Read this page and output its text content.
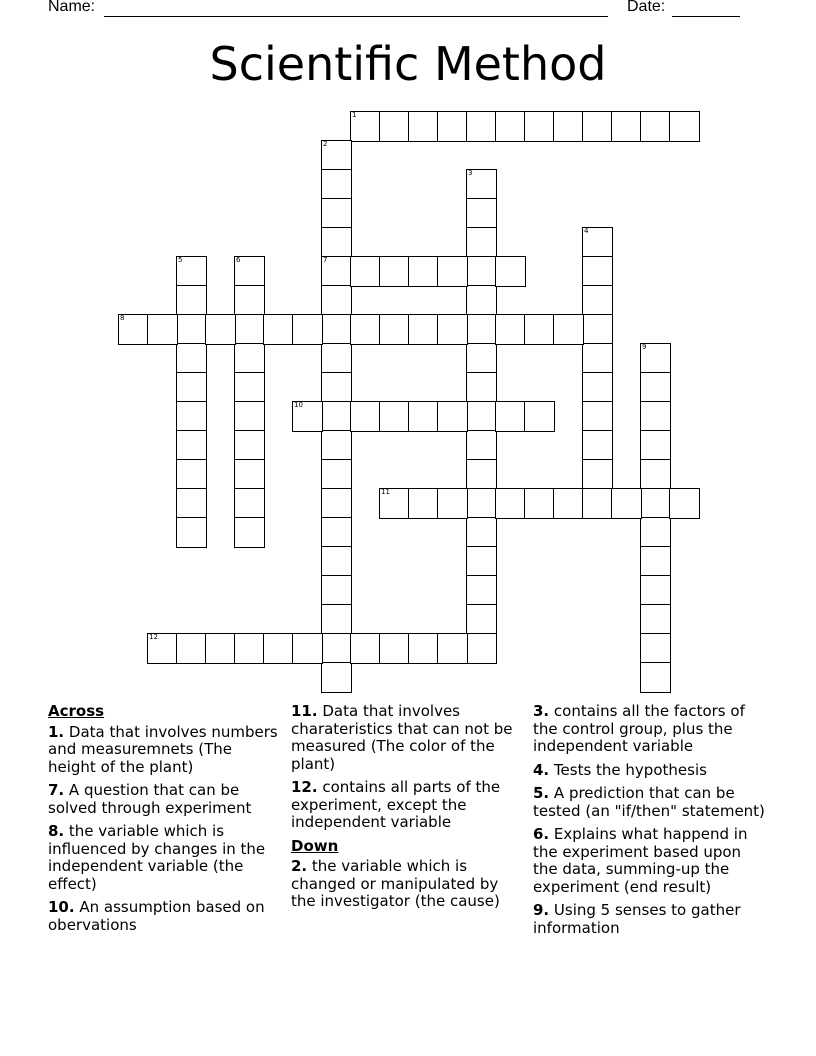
Name:	Date:
Scientific Method
1
2
7
3
4
5	6
8
9
10
11
12
Across
1. Data that involves numbers and measuremnets (The height of the plant)
7. A question that can be solved through experiment
8. the variable which is influenced by changes in the independent variable (the effect)
10. An assumption based on obervations
11. Data that involves charateristics that can not be measured (The color of the plant)
12. contains all parts of the experiment, except the independent variable
Down
2. the variable which is changed or manipulated by the investigator (the cause)
3. contains all the factors of the control group, plus the independent variable
4. Tests the hypothesis
5. A prediction that can be tested (an "if/then" statement)
6. Explains what happend in the experiment based upon the data, summing-up the experiment (end result)
9. Using 5 senses to gather information
